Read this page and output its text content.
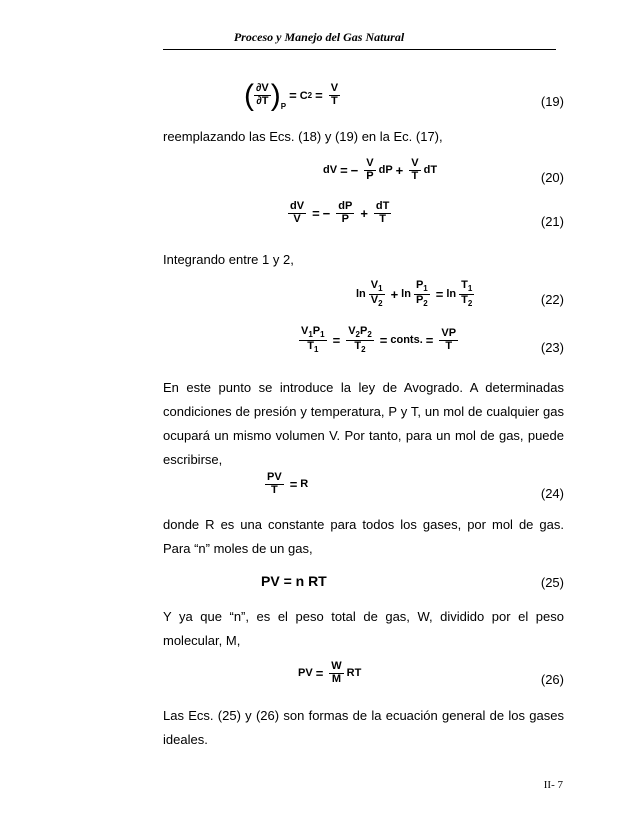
Proceso y Manejo del Gas Natural
( $\frac{\partial V}{\partial T} )_P$
= C $2 = \frac{V}{T}$	(19)
reemplazando las Ecs. (18) y (19) en la Ec. (17),
dV = − $\frac{V}{P}$ dP + $\frac{V}{T}$ dT	(20)
$\frac{dV}{V}$ = − $\frac{dP}{P} + \frac{dT}{T}$	(21)
Integrando entre 1 y 2,
$\ln \frac{V_1}{V_2} + \ln \frac{P_1}{P_2} = \ln \frac{T_1}{T_2}$	(22)
$\frac{V_1P_1}{T_1} = \frac{V_2P_2}{T_2}$ = conts. = $\frac{VP}{T}$	(23)

En este punto se introduce la ley de Avogrado. A determinadas condiciones de presión y temperatura, P y T, un mol de cualquier gas ocupará un mismo volumen V. Por tanto, para un mol de gas, puede escribirse,

$\frac{PV}{T} = R$
(24)

donde R es una constante para todos los gases, por mol de gas. Para “n” moles de un gas,

PV = n RT	(25)

Y ya que “n”, es el peso total de gas, W, dividido por el peso molecular, M,

PV = $\frac{W}{M}$ RT	(26)

Las Ecs. (25) y (26) son formas de la ecuación general de los gases ideales.

II- 7
